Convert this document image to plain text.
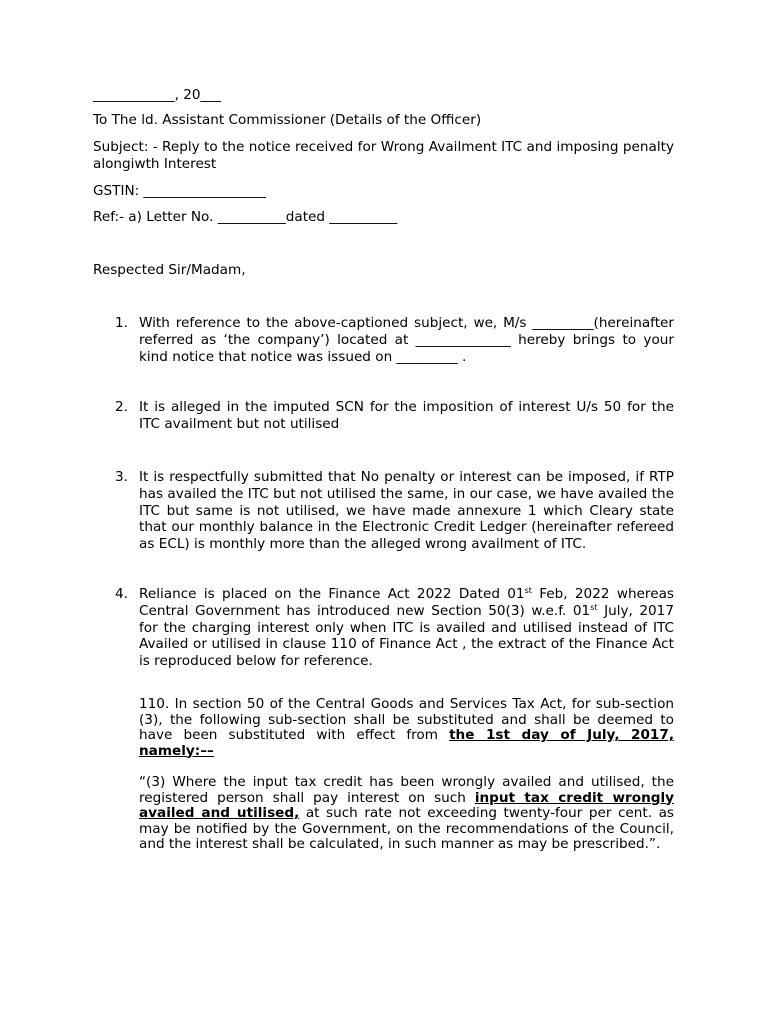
____________, 20___
To The ld. Assistant Commissioner (Details of the Officer)
Subject: - Reply to the notice received for Wrong Availment ITC and imposing penalty alongiwth Interest
GSTIN: __________________
Ref:- a) Letter No. __________dated __________
Respected Sir/Madam,
1. With reference to the above-captioned subject, we, M/s _________(hereinafter referred as ‘the company’) located at ______________ hereby brings to your kind notice that notice was issued on _________ .
2. It is alleged in the imputed SCN for the imposition of interest U/s 50 for the ITC availment but not utilised
3. It is respectfully submitted that No penalty or interest can be imposed, if RTP has availed the ITC but not utilised the same, in our case, we have availed the ITC but same is not utilised, we have made annexure 1 which Cleary state that our monthly balance in the Electronic Credit Ledger (hereinafter refereed as ECL) is monthly more than the alleged wrong availment of ITC.
4. Reliance is placed on the Finance Act 2022 Dated 01st Feb, 2022 whereas Central Government has introduced new Section 50(3) w.e.f. 01st July, 2017 for the charging interest only when ITC is availed and utilised instead of ITC Availed or utilised in clause 110 of Finance Act , the extract of the Finance Act is reproduced below for reference.
110. In section 50 of the Central Goods and Services Tax Act, for sub-section (3), the following sub-section shall be substituted and shall be deemed to have been substituted with effect from the 1st day of July, 2017, namely:––
“(3) Where the input tax credit has been wrongly availed and utilised, the registered person shall pay interest on such input tax credit wrongly availed and utilised, at such rate not exceeding twenty-four per cent. as may be notified by the Government, on the recommendations of the Council, and the interest shall be calculated, in such manner as may be prescribed.”.
